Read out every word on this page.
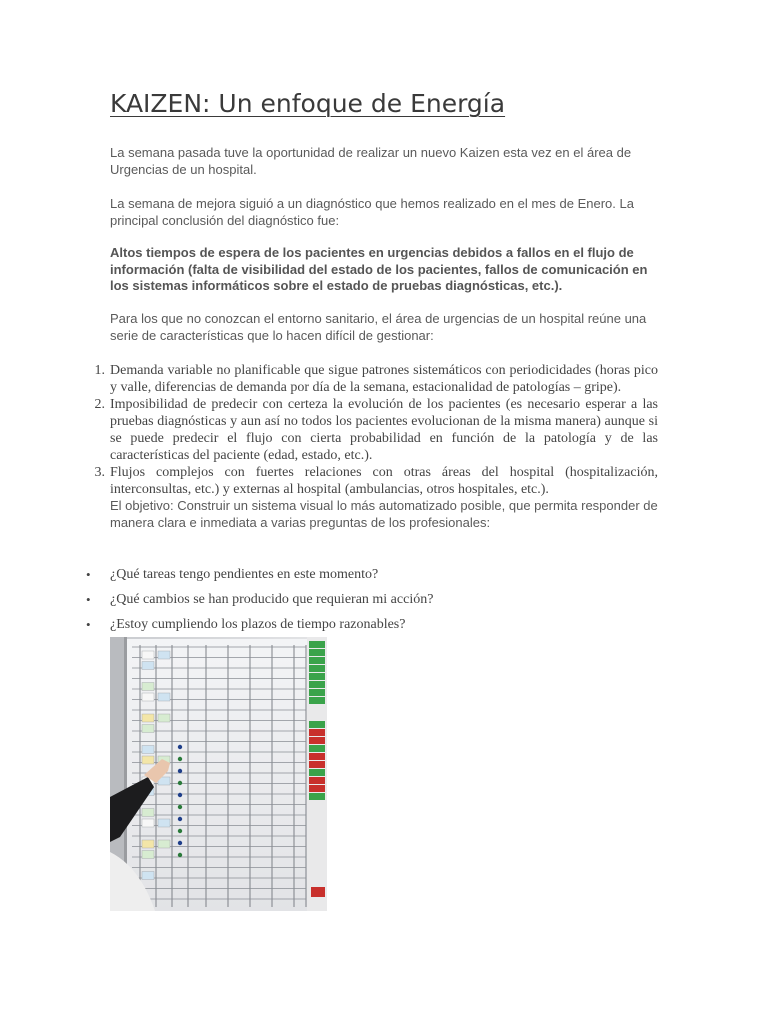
KAIZEN: Un enfoque de Energía

La semana pasada tuve la oportunidad de realizar un nuevo Kaizen esta vez en el área de Urgencias de un hospital.

La semana de mejora siguió a un diagnóstico que hemos realizado en el mes de Enero. La principal conclusión del diagnóstico fue:

Altos tiempos de espera de los pacientes en urgencias debidos a fallos en el flujo de información (falta de visibilidad del estado de los pacientes, fallos de comunicación en los sistemas informáticos sobre el estado de pruebas diagnósticas, etc.).

Para los que no conozcan el entorno sanitario, el área de urgencias de un hospital reúne una serie de características que lo hacen difícil de gestionar:

1. Demanda variable no planificable que sigue patrones sistemáticos con periodicidades (horas pico y valle, diferencias de demanda por día de la semana, estacionalidad de patologías – gripe).
2. Imposibilidad de predecir con certeza la evolución de los pacientes (es necesario esperar a las pruebas diagnósticas y aun así no todos los pacientes evolucionan de la misma manera) aunque si se puede predecir el flujo con cierta probabilidad en función de la patología y de las características del paciente (edad, estado, etc.).
3. Flujos complejos con fuertes relaciones con otras áreas del hospital (hospitalización, interconsultas, etc.) y externas al hospital (ambulancias, otros hospitales, etc.).
El objetivo: Construir un sistema visual lo más automatizado posible, que permita responder de manera clara e inmediata a varias preguntas de los profesionales:
• ¿Qué tareas tengo pendientes en este momento?
• ¿Qué cambios se han producido que requieran mi acción?
• ¿Estoy cumpliendo los plazos de tiempo razonables?
